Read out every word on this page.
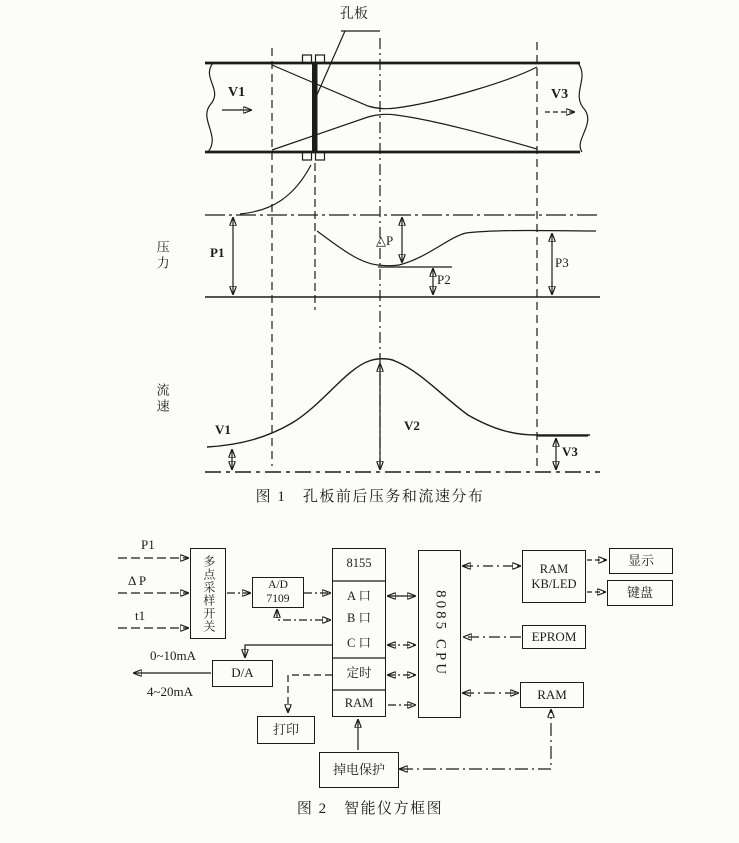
孔板
V1	V3
压力	P1
△P
P2
P3
流速
V1	V2
V3
图 1　孔板前后压务和流速分布
P1
Δ P
t1
0~10mA
4~20mA
多点采样开关	A/D
7109
D/A
8155
A 口
B 口
C 口
定时
RAM
8085 CPU
RAM
KB/LED
显示
键盘
EPROM
RAM
打印
掉电保护
图 2　智能仪方框图
